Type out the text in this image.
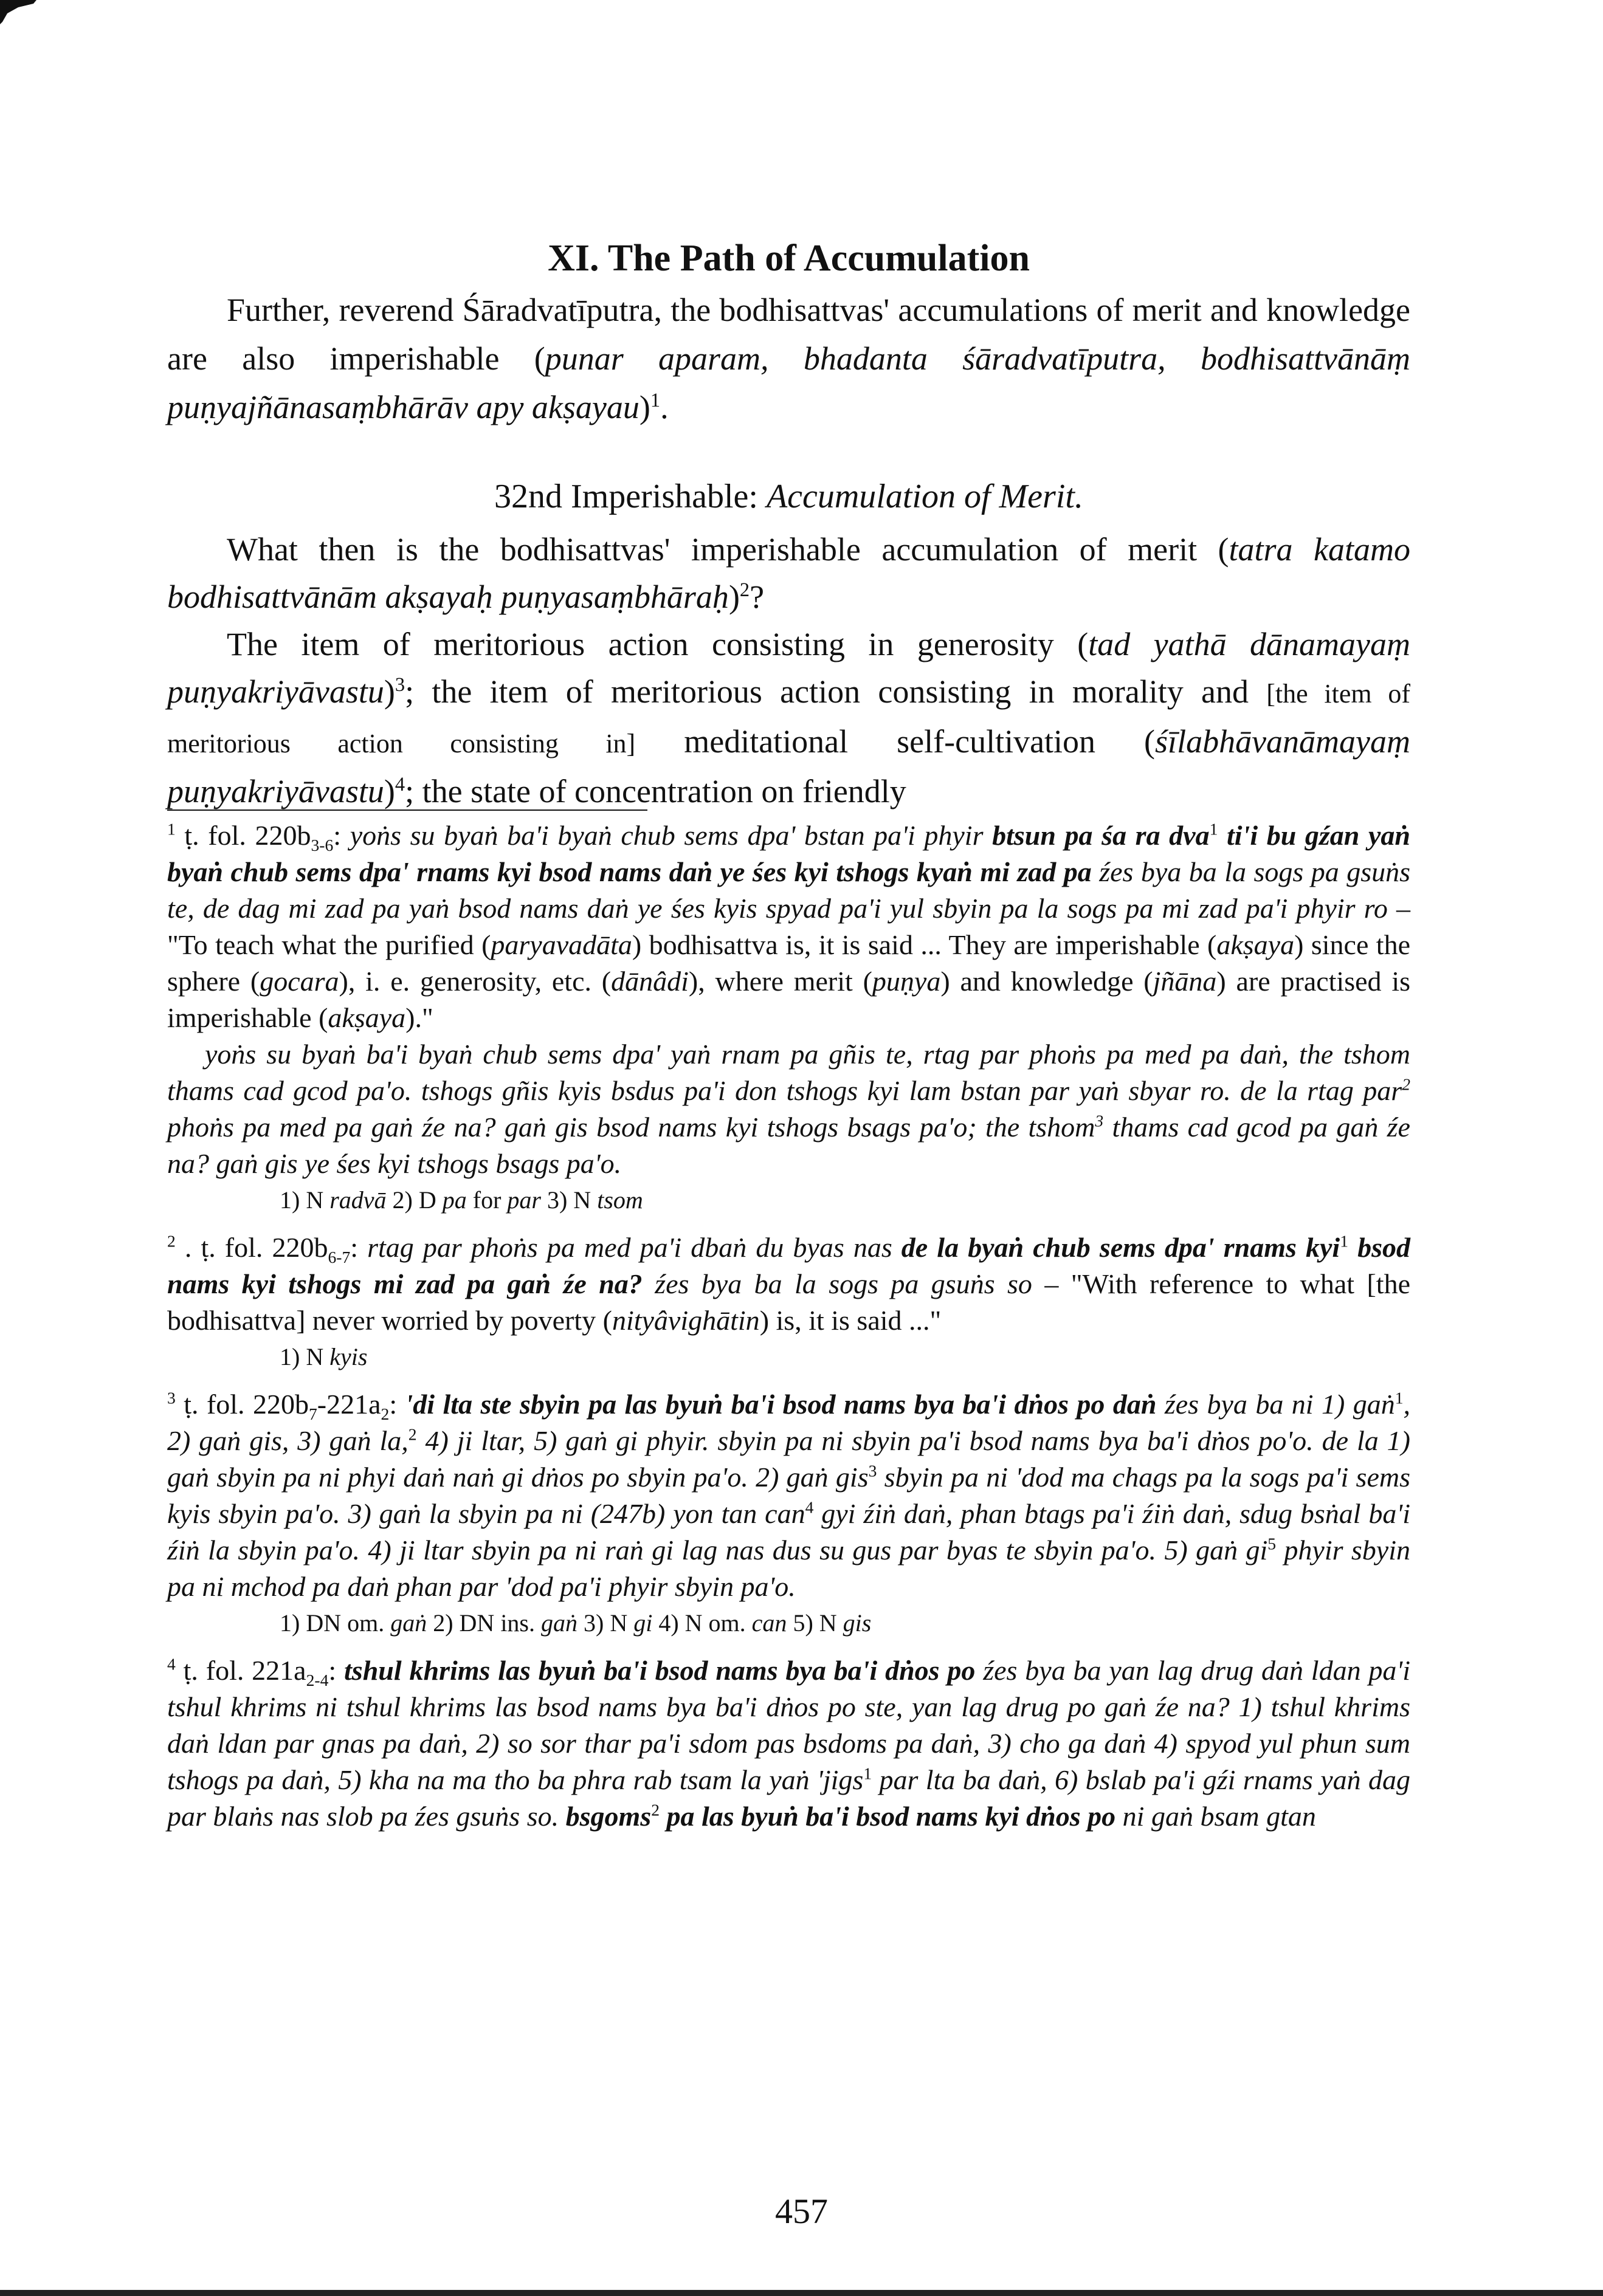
XI. The Path of Accumulation

Further, reverend Śāradvatīputra, the bodhisattvas' accumulations of merit and knowledge are also imperishable (punar aparam, bhadanta śāradvatīputra, bodhisattvānāṃ puṇyajñānasaṃbhārāv apy akṣayau)$^1$.

32nd Imperishable: Accumulation of Merit.

What then is the bodhisattvas' imperishable accumulation of merit (tatra katamo bodhisattvānām akṣayaḥ puṇyasaṃbhāraḥ)$^2$?

The item of meritorious action consisting in generosity (tad yathā dānamayaṃ puṇyakriyāvastu)$^3$; the item of meritorious action consisting in morality and [the item of meritorious action consisting in] meditational self-cultivation (śīlabhāvanāmayaṃ puṇyakriyāvastu)$^4$; the state of concentration on friendly

$^1$ ṭ. fol. $220b_{3-6}$: yoṅs su byaṅ ba'i byaṅ chub sems dpa' bstan pa'i phyir btsun pa śa ra dva$^1$ ti'i bu gźan yaṅ byaṅ chub sems dpa' rnams kyi bsod nams daṅ ye śes kyi tshogs kyaṅ mi zad pa źes bya ba la sogs pa gsuṅs te, de dag mi zad pa yaṅ bsod nams daṅ ye śes kyis spyad pa'i yul sbyin pa la sogs pa mi zad pa'i phyir ro – "To teach what the purified (paryavadāta) bodhisattva is, it is said ... They are imperishable (akṣaya) since the sphere (gocara), i. e. generosity, etc. (dānâdi), where merit (puṇya) and knowledge (jñāna) are practised is imperishable (akṣaya)."

yoṅs su byaṅ ba'i byaṅ chub sems dpa' yaṅ rnam pa gñis te, rtag par phoṅs pa med pa daṅ, the tshom thams cad gcod pa'o. tshogs gñis kyis bsdus pa'i don tshogs kyi lam bstan par yaṅ sbyar ro. de la rtag par$^2$ phoṅs pa med pa gaṅ źe na? gaṅ gis bsod nams kyi tshogs bsags pa'o; the tshom$^3$ thams cad gcod pa gaṅ źe na? gaṅ gis ye śes kyi tshogs bsags pa'o.

1) N radvā 2) D pa for par 3) N tsom

$^2$ . ṭ. fol. $220b_{6-7}$: rtag par phoṅs pa med pa'i dbaṅ du byas nas de la byaṅ chub sems dpa' rnams kyi$^1$ bsod nams kyi tshogs mi zad pa gaṅ źe na? źes bya ba la sogs pa gsuṅs so – "With reference to what [the bodhisattva] never worried by poverty (nityâvighātin) is, it is said ..."

1) N kyis

$^3$ ṭ. fol. $220b_7-221a_2$: 'di lta ste sbyin pa las byuṅ ba'i bsod nams bya ba'i dṅos po daṅ źes bya ba ni 1) gaṅ$^1$, 2) gaṅ gis, 3) gaṅ la,$^2$ 4) ji ltar, 5) gaṅ gi phyir. sbyin pa ni sbyin pa'i bsod nams bya ba'i dṅos po'o. de la 1) gaṅ sbyin pa ni phyi daṅ naṅ gi dṅos po sbyin pa'o. 2) gaṅ gis$^3$ sbyin pa ni 'dod ma chags pa la sogs pa'i sems kyis sbyin pa'o. 3) gaṅ la sbyin pa ni (247b) yon tan can$^4$ gyi źiṅ daṅ, phan btags pa'i źiṅ daṅ, sdug bsṅal ba'i źiṅ la sbyin pa'o. 4) ji ltar sbyin pa ni raṅ gi lag nas dus su gus par byas te sbyin pa'o. 5) gaṅ $gi^5$ phyir sbyin pa ni mchod pa daṅ phan par 'dod pa'i phyir sbyin pa'o.

1) DN om. gaṅ 2) DN ins. gaṅ 3) N gi 4) N om. can 5) N gis

$^4$ ṭ. fol. $221a_{2-4}$: tshul khrims las byuṅ ba'i bsod nams bya ba'i dṅos po źes bya ba yan lag drug daṅ ldan pa'i tshul khrims ni tshul khrims las bsod nams bya ba'i dṅos po ste, yan lag drug po gaṅ źe na? 1) tshul khrims daṅ ldan par gnas pa daṅ, 2) so sor thar pa'i sdom pas bsdoms pa daṅ, 3) cho ga daṅ 4) spyod yul phun sum tshogs pa daṅ, 5) kha na ma tho ba phra rab tsam la yaṅ 'jigs$^1$ par lta ba daṅ, 6) bslab pa'i gźi rnams yaṅ dag par blaṅs nas slob pa źes gsuṅs so. bsgoms$^2$ pa las byuṅ ba'i bsod nams kyi dṅos po ni gaṅ bsam gtan

457
